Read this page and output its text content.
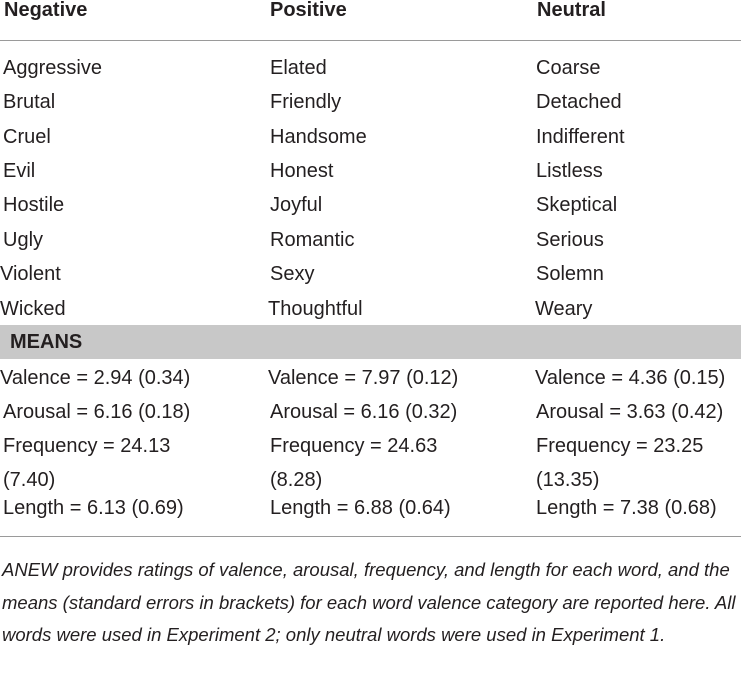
Negative	Positive	Neutral
Aggressive	Elated	Coarse
Brutal	Friendly	Detached
Cruel	Handsome	Indifferent
Evil	Honest	Listless
Hostile	Joyful	Skeptical
Ugly	Romantic	Serious
Violent	Sexy	Solemn
Wicked	Thoughtful	Weary
MEANS
Valence = 2.94 (0.34)	Valence = 7.97 (0.12)	Valence = 4.36 (0.15)
Arousal = 6.16 (0.18)	Arousal = 6.16 (0.32)	Arousal = 3.63 (0.42)
Frequency = 24.13	Frequency = 24.63	Frequency = 23.25
(7.40)	(8.28)	(13.35)
Length = 6.13 (0.69)	Length = 6.88 (0.64)	Length = 7.38 (0.68)
ANEW provides ratings of valence, arousal, frequency, and length for each word, and the means (standard errors in brackets) for each word valence category are reported here. All words were used in Experiment 2; only neutral words were used in Experiment 1.
